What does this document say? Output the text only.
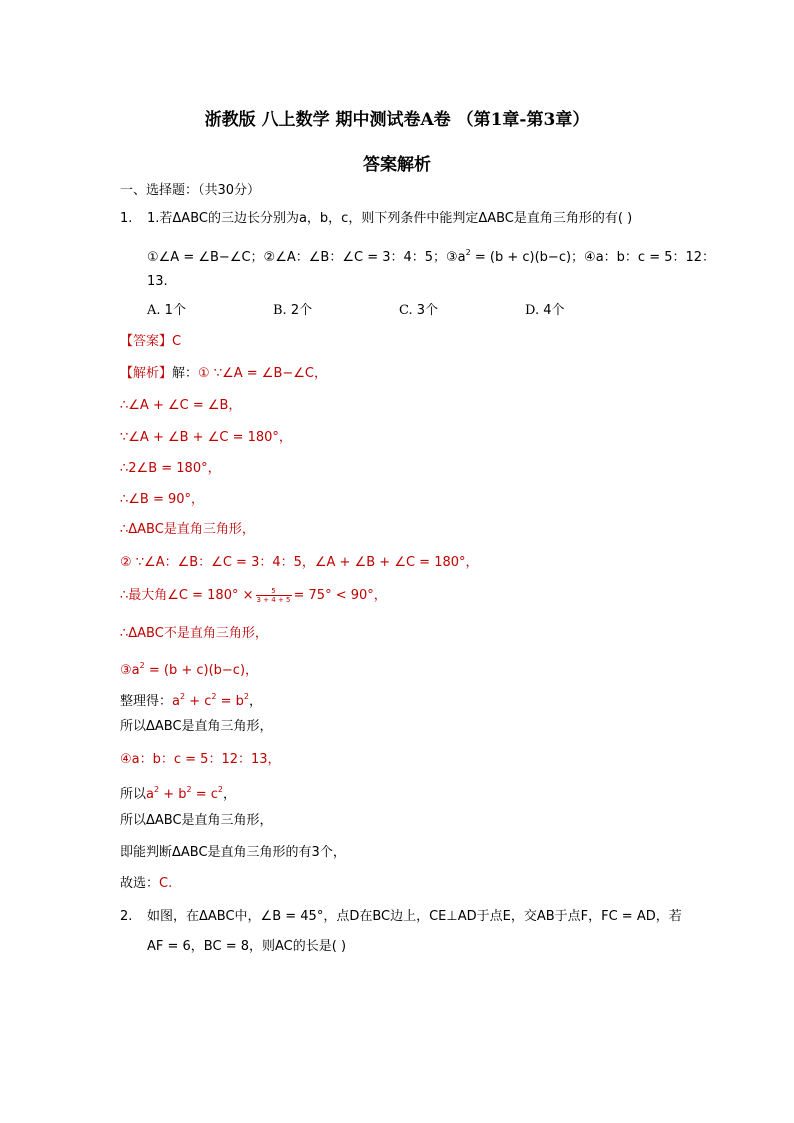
浙教版 八上数学 期中测试卷A卷 （第1章-第3章）
答案解析
一、选择题：（共30分）
1. 1.若ΔABC的三边长分别为a，b，c，则下列条件中能判定ΔABC是直角三角形的有( )
①∠A = ∠B−∠C；②∠A：∠B：∠C = 3：4：5；$③a^2 = (b + c)(b-c)$；④a：b：c = 5：12：
13.
A. 1个	B. 2个	C. 3个	D. 4个
【答案】C
【解析】解：① ∵∠A = ∠B−∠C，
∴∠A + ∠C = ∠B，
∵∠A + ∠B + ∠C = 180°，
∴2∠B = 180°，
∴∠B = 90°，
∴ΔABC是直角三角形，
② ∵∠A：∠B：∠C = 3：4：5，∠A + ∠B + ∠C = 180°，
∴最大角∠C = $180^\circ \times \frac{5}{3 + 4 + 5} = 75^\circ < 90^\circ$，
∴ΔABC不是直角三角形，
$③a^2 = (b + c)(b-c)$，
整理得：$a^2 + c^2 = b^2$，
所以ΔABC是直角三角形，
④a：b：c = 5：12：13，
所以$a^2 + b^2 = c^2$，
所以ΔABC是直角三角形，
即能判断ΔABC是直角三角形的有3个，
故选：C.
2. 如图，在ΔABC中，∠B = 45°，点D在BC边上，CE⊥AD于点E，交AB于点F，FC = AD，若
AF = 6，BC = 8，则AC的长是( )
